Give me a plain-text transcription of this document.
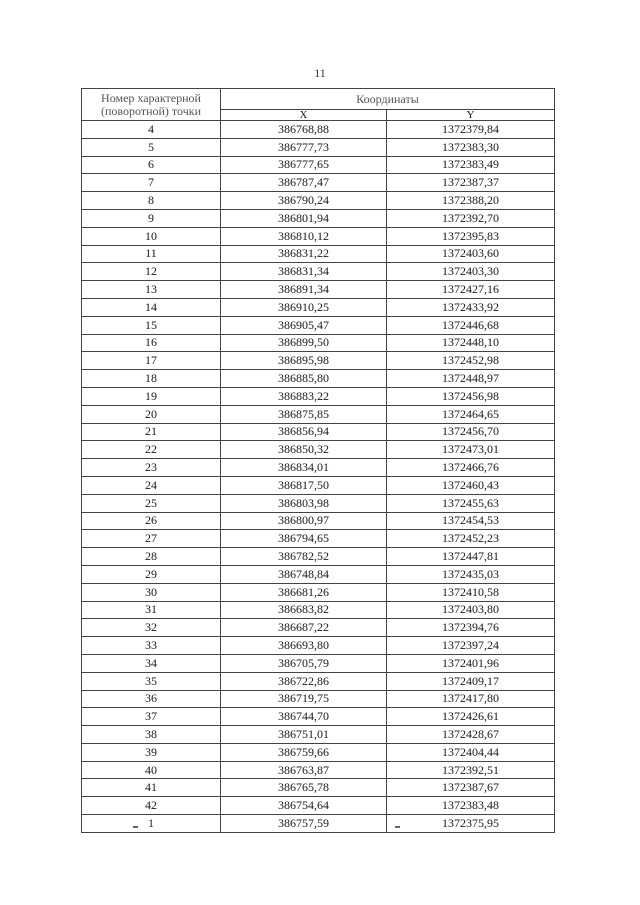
11
Номер характерной
(поворотной) точки	Координаты	
	X	Y
4	386768,88	1372379,84
5	386777,73	1372383,30
6	386777,65	1372383,49
7	386787,47	1372387,37
8	386790,24	1372388,20
9	386801,94	1372392,70
10	386810,12	1372395,83
11	386831,22	1372403,60
12	386831,34	1372403,30
13	386891,34	1372427,16
14	386910,25	1372433,92
15	386905,47	1372446,68
16	386899,50	1372448,10
17	386895,98	1372452,98
18	386885,80	1372448,97
19	386883,22	1372456,98
20	386875,85	1372464,65
21	386856,94	1372456,70
22	386850,32	1372473,01
23	386834,01	1372466,76
24	386817,50	1372460,43
25	386803,98	1372455,63
26	386800,97	1372454,53
27	386794,65	1372452,23
28	386782,52	1372447,81
29	386748,84	1372435,03
30	386681,26	1372410,58
31	386683,82	1372403,80
32	386687,22	1372394,76
33	386693,80	1372397,24
34	386705,79	1372401,96
35	386722,86	1372409,17
36	386719,75	1372417,80
37	386744,70	1372426,61
38	386751,01	1372428,67
39	386759,66	1372404,44
40	386763,87	1372392,51
41	386765,78	1372387,67
42	386754,64	1372383,48
1	386757,59	1372375,95
